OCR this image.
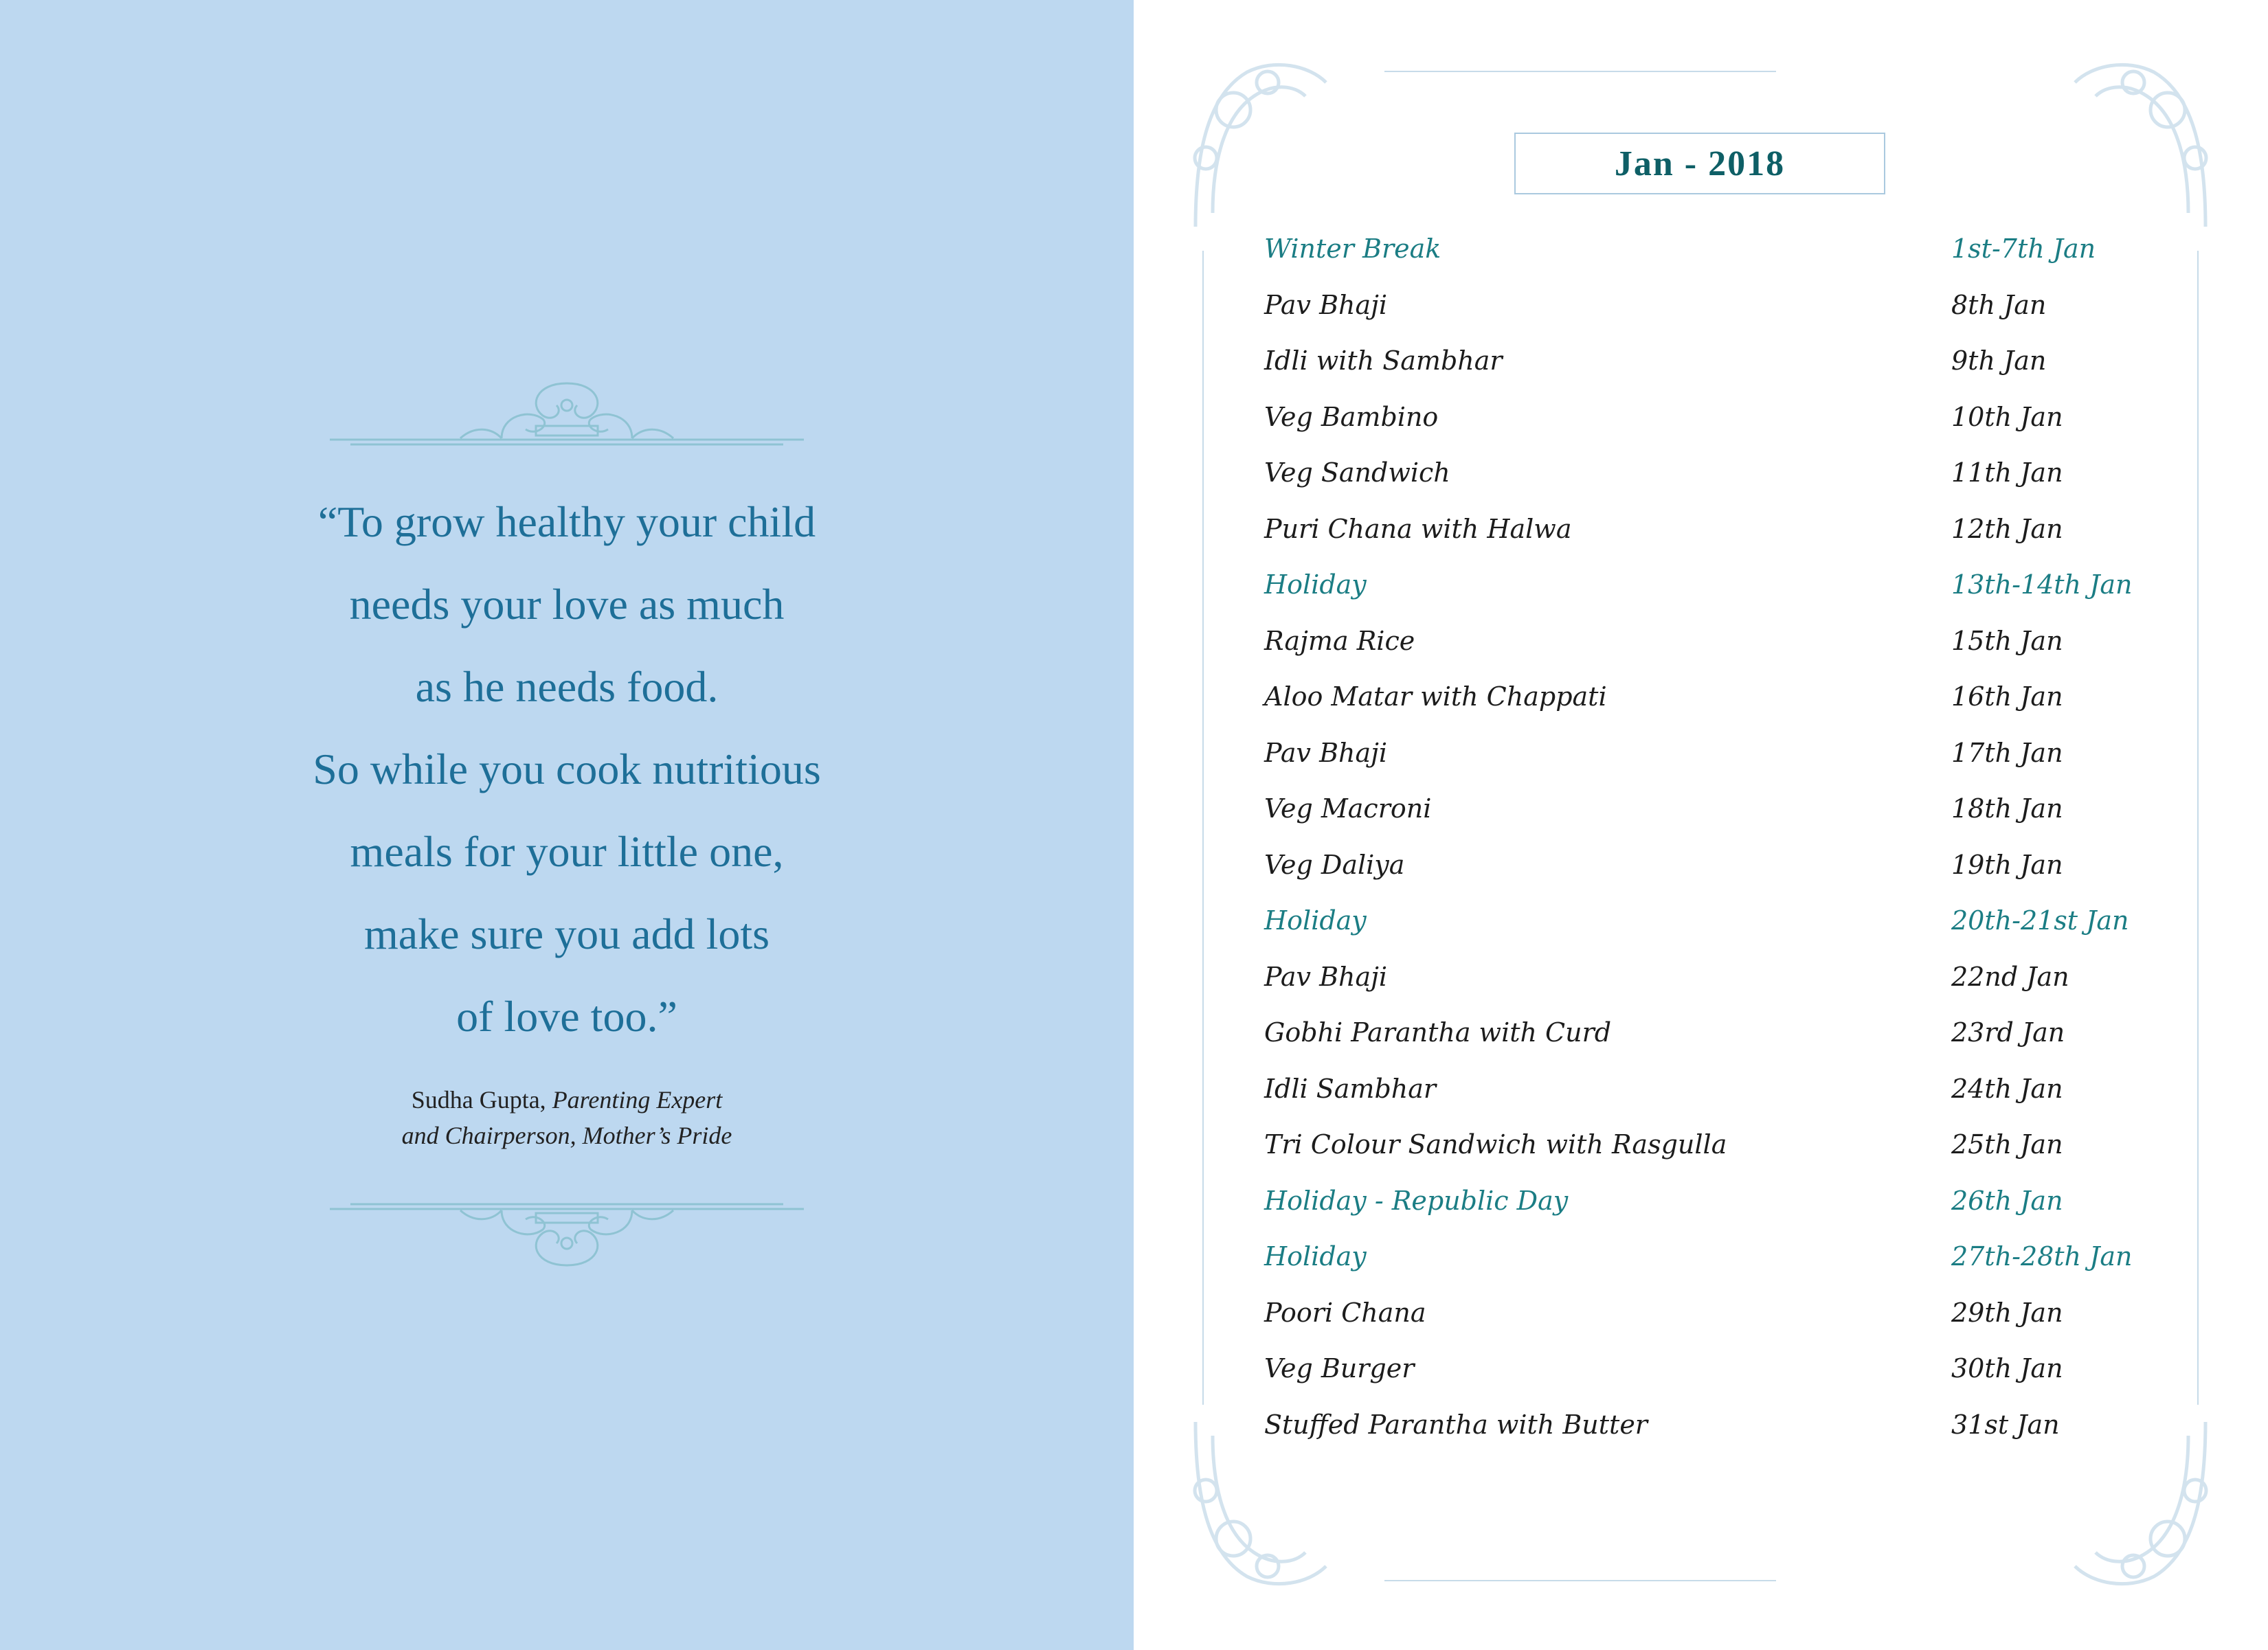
“To grow healthy your child
needs your love as much
as he needs food.
So while you cook nutritious
meals for your little one,
make sure you add lots
of love too.”
Sudha Gupta, Parenting Expert
and Chairperson, Mother’s Pride
Jan - 2018
Winter Break	1st-7th Jan
Pav Bhaji	8th Jan
Idli with Sambhar	9th Jan
Veg Bambino	10th Jan
Veg Sandwich	11th Jan
Puri Chana with Halwa	12th Jan
Holiday	13th-14th Jan
Rajma Rice	15th Jan
Aloo Matar with Chappati	16th Jan
Pav Bhaji	17th Jan
Veg Macroni	18th Jan
Veg Daliya	19th Jan
Holiday	20th-21st Jan
Pav Bhaji	22nd Jan
Gobhi Parantha with Curd	23rd Jan
Idli Sambhar	24th Jan
Tri Colour Sandwich with Rasgulla	25th Jan
Holiday - Republic Day	26th Jan
Holiday	27th-28th Jan
Poori Chana	29th Jan
Veg Burger	30th Jan
Stuffed Parantha with Butter	31st Jan
